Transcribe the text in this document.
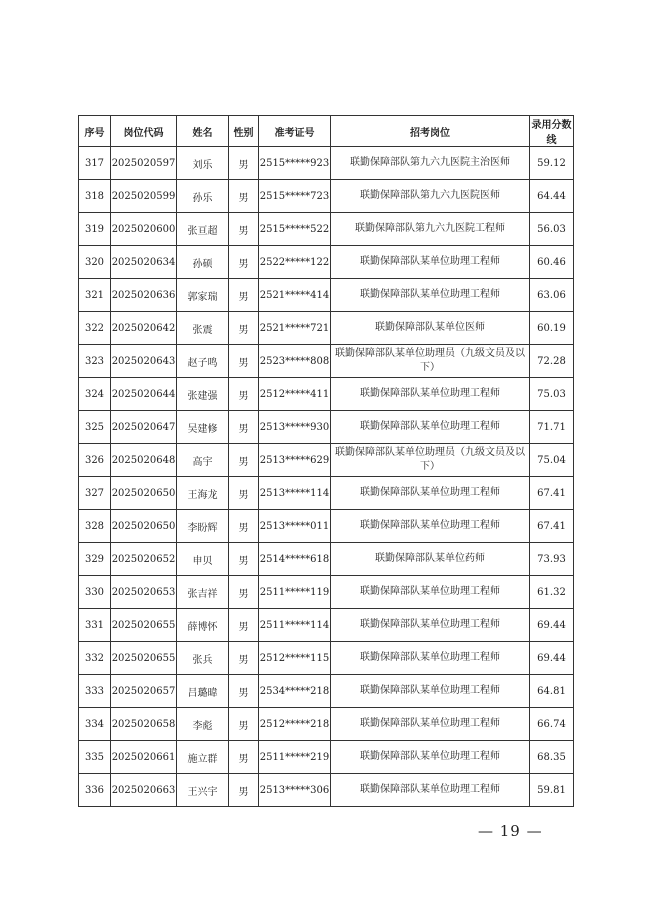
序号	岗位代码	姓名	性别	准考证号	招考岗位	录用分数线
317	2025020597	刘乐	男	2515*****923	联勤保障部队第九六九医院主治医师	59.12
318	2025020599	孙乐	男	2515*****723	联勤保障部队第九六九医院医师	64.44
319	2025020600	张亘超	男	2515*****522	联勤保障部队第九六九医院工程师	56.03
320	2025020634	孙硕	男	2522*****122	联勤保障部队某单位助理工程师	60.46
321	2025020636	郭家瑞	男	2521*****414	联勤保障部队某单位助理工程师	63.06
322	2025020642	张震	男	2521*****721	联勤保障部队某单位医师	60.19
323	2025020643	赵子鸣	男	2523*****808	联勤保障部队某单位助理员（九级文员及以下）	72.28
324	2025020644	张建强	男	2512*****411	联勤保障部队某单位助理工程师	75.03
325	2025020647	吴建修	男	2513*****930	联勤保障部队某单位助理工程师	71.71
326	2025020648	高宇	男	2513*****629	联勤保障部队某单位助理员（九级文员及以下）	75.04
327	2025020650	王海龙	男	2513*****114	联勤保障部队某单位助理工程师	67.41
328	2025020650	李盼辉	男	2513*****011	联勤保障部队某单位助理工程师	67.41
329	2025020652	申贝	男	2514*****618	联勤保障部队某单位药师	73.93
330	2025020653	张吉祥	男	2511*****119	联勤保障部队某单位助理工程师	61.32
331	2025020655	薛博怀	男	2511*****114	联勤保障部队某单位助理工程师	69.44
332	2025020655	张兵	男	2512*****115	联勤保障部队某单位助理工程师	69.44
333	2025020657	吕璐暐	男	2534*****218	联勤保障部队某单位助理工程师	64.81
334	2025020658	李彪	男	2512*****218	联勤保障部队某单位助理工程师	66.74
335	2025020661	施立群	男	2511*****219	联勤保障部队某单位助理工程师	68.35
336	2025020663	王兴宇	男	2513*****306	联勤保障部队某单位助理工程师	59.81
— 19 —
